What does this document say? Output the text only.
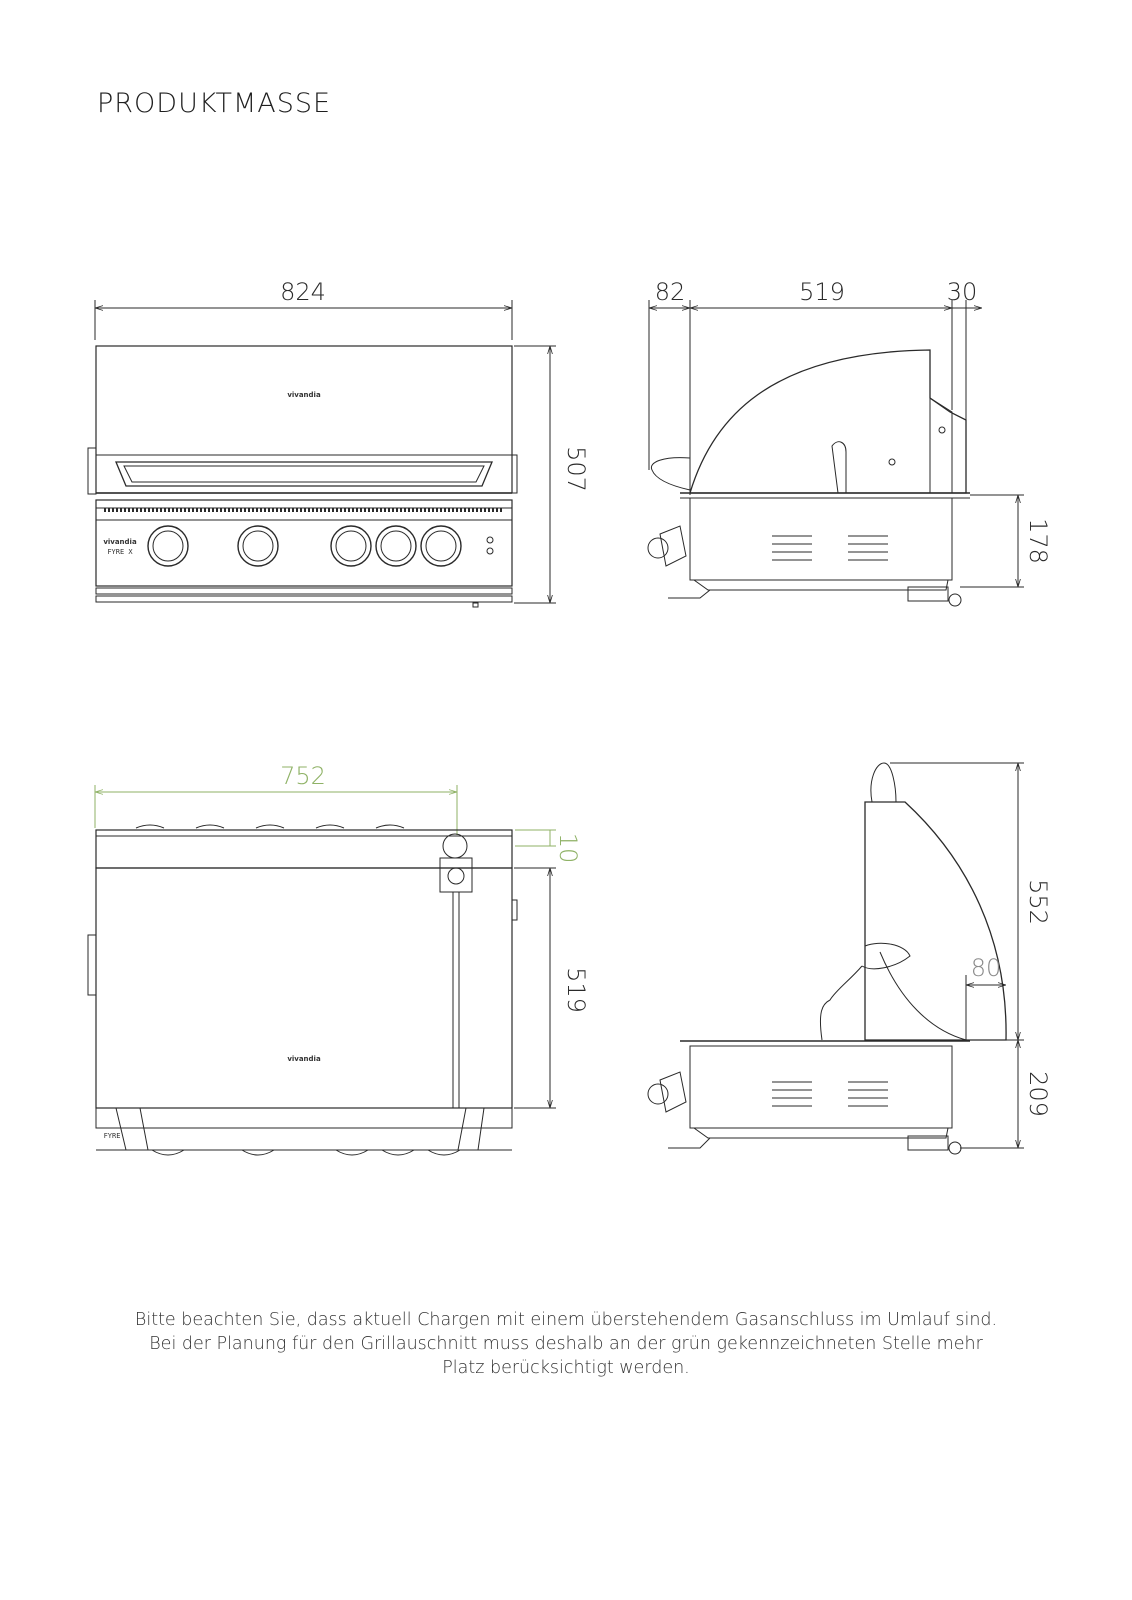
PRODUKTMASSE
824
507
vivandia
vivandia
FYRE X
82	519	30
178
752
10
519
vivandia
FYRE
552
80
209
Bitte beachten Sie, dass aktuell Chargen mit einem überstehendem Gasanschluss im Umlauf sind.
Bei der Planung für den Grillauschnitt muss deshalb an der grün gekennzeichneten Stelle mehr
Platz berücksichtigt werden.
